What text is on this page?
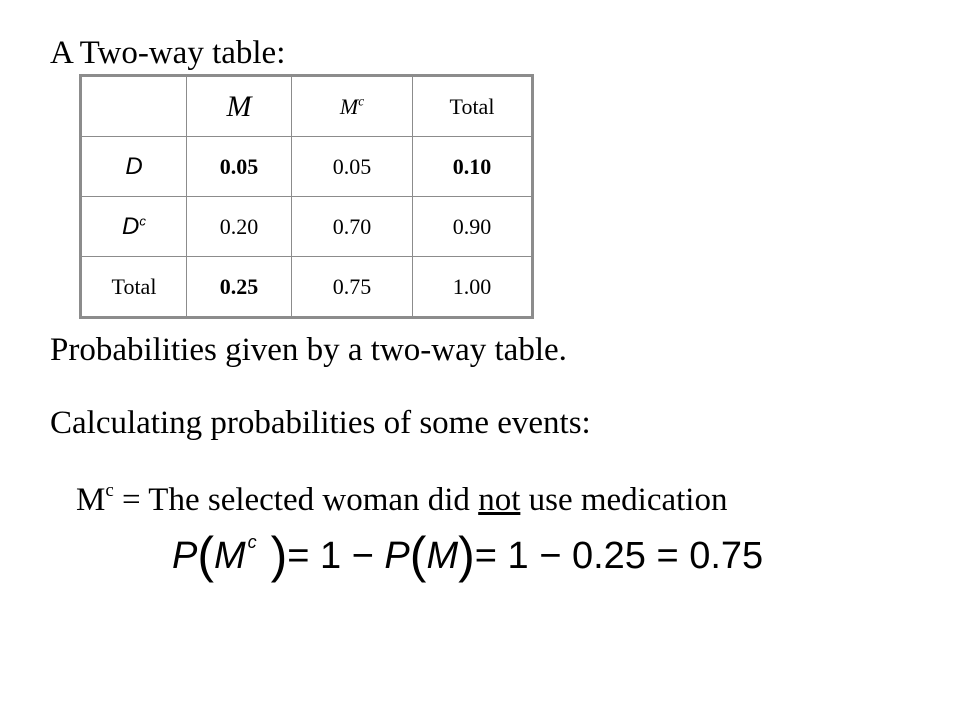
A Two-way table:
	M	$M^c$	Total
D	0.05	0.05	0.10
$D^c$	0.20	0.70	0.90
Total	0.25	0.75	1.00
Probabilities given by a two-way table.
Calculating probabilities of some events:
$M^c$ = The selected woman did not use medication
P(M $^c$ )= 1 − P(M)= 1 − 0.25 = 0.75
